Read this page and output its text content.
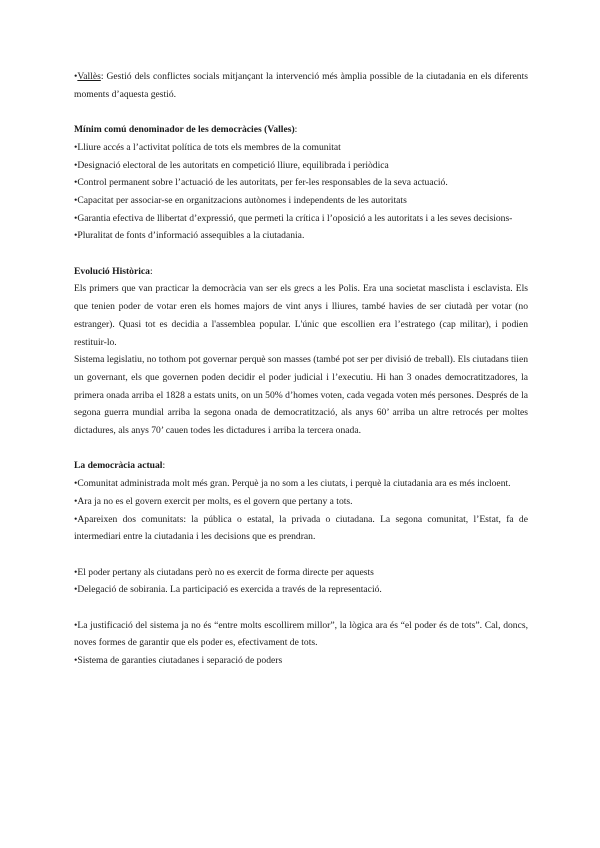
•Vallès: Gestió dels conflictes socials mitjançant la intervenció més àmplia possible de la ciutadania en els diferents moments d’aquesta gestió.

Mínim comú denominador de les democràcies (Valles):

•Lliure accés a l’activitat política de tots els membres de la comunitat

•Designació electoral de les autoritats en competició lliure, equilibrada i periòdica

•Control permanent sobre l’actuació de les autoritats, per fer-les responsables de la seva actuació.

•Capacitat per associar-se en organitzacions autònomes i independents de les autoritats

•Garantia efectiva de llibertat d’expressió, que permeti la crítica i l’oposició a les autoritats i a les seves decisions-

•Pluralitat de fonts d’informació assequibles a la ciutadania.

Evolució Històrica:

Els primers que van practicar la democràcia van ser els grecs a les Polis. Era una societat masclista i esclavista. Els que tenien poder de votar eren els homes majors de vint anys i lliures, també havies de ser ciutadà per votar (no estranger). Quasi tot es decidia a l'assemblea popular. L'únic que escollien era l’estratego (cap militar), i podien restituir-lo.

Sistema legislatiu, no tothom pot governar perquè son masses (també pot ser per divisió de treball). Els ciutadans tiien un governant, els que governen poden decidir el poder judicial i l’executiu. Hi han 3 onades democratitzadores, la primera onada arriba el 1828 a estats units, on un 50% d’homes voten, cada vegada voten més persones. Després de la segona guerra mundial arriba la segona onada de democratització, als anys 60’ arriba un altre retrocés per moltes dictadures, als anys 70’ cauen todes les dictadures i arriba la tercera onada.

La democràcia actual:

•Comunitat administrada molt més gran. Perquè ja no som a les ciutats, i perquè la ciutadania ara es més incloent.

•Ara ja no es el govern exercit per molts, es el govern que pertany a tots.

•Apareixen dos comunitats: la pública o estatal, la privada o ciutadana. La segona comunitat, l’Estat, fa de intermediari entre la ciutadania i les decisions que es prendran.

•El poder pertany als ciutadans però no es exercit de forma directe per aquests

•Delegació de sobirania. La participació es exercida a través de la representació.

•La justificació del sistema ja no és “entre molts escollirem millor”, la lògica ara és “el poder és de tots”. Cal, doncs, noves formes de garantir que els poder es, efectivament de tots.

•Sistema de garanties ciutadanes i separació de poders
